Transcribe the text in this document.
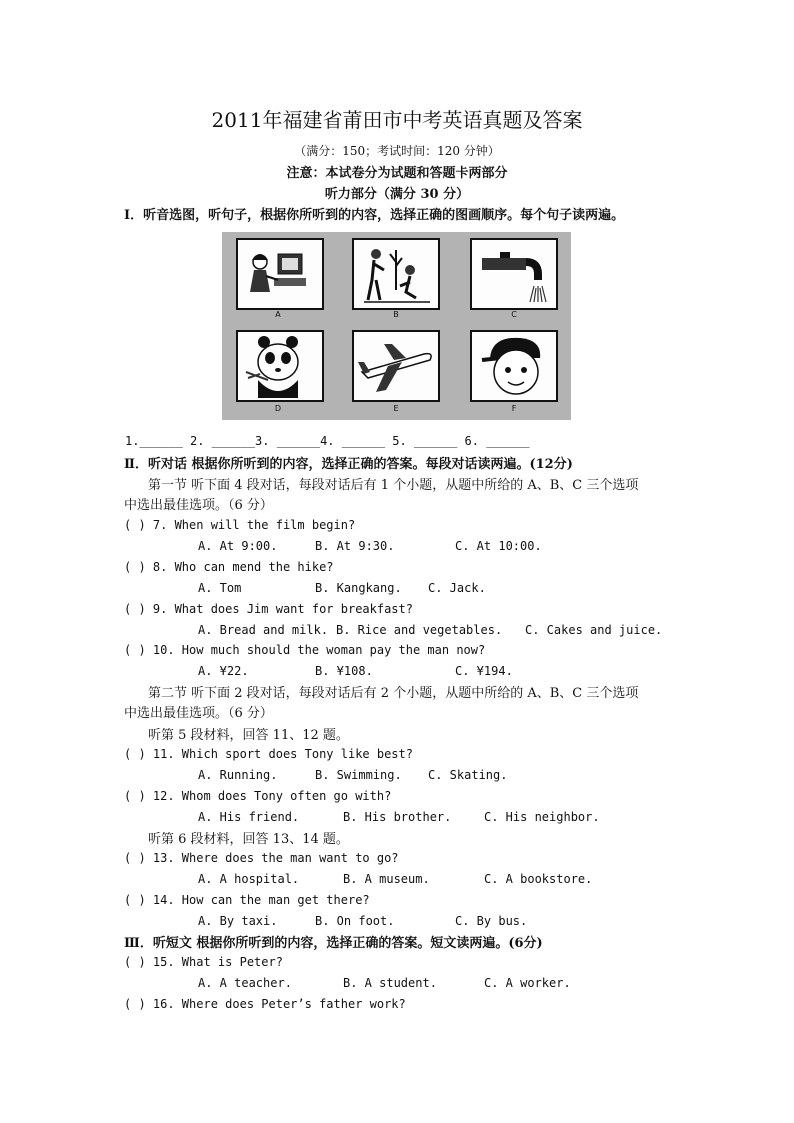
2011年福建省莆田市中考英语真题及答案
（满分：150；考试时间：120 分钟）
注意：本试卷分为试题和答题卡两部分
听力部分（满分 30 分）
Ⅰ．听音选图，听句子，根据你所听到的内容，选择正确的图画顺序。每个句子读两遍。
A	B	C
D	E	F
1.______ 2. ______3. ______4. ______ 5. ______ 6. ______
Ⅱ．听对话 根据你所听到的内容，选择正确的答案。每段对话读两遍。(12分)
第一节 听下面 4 段对话，每段对话后有 1 个小题，从题中所给的 A、B、C 三个选项
中选出最佳选项。（6 分）
( ) 7. When will the film begin?
A. At 9:00.	B. At 9:30.	C. At 10:00.
( ) 8. Who can mend the hike?
A. Tom	B. Kangkang. C. Jack.
( ) 9. What does Jim want for breakfast?
A. Bread and milk. B. Rice and vegetables. C. Cakes and juice.
( ) 10. How much should the woman pay the man now?
A. ¥22.	B. ¥108.	C. ¥194.
第二节 听下面 2 段对话，每段对话后有 2 个小题，从题中所给的 A、B、C 三个选项
中选出最佳选项。（6 分）
听第 5 段材料，回答 11、12 题。
( ) 11. Which sport does Tony like best?
A. Running.	B. Swimming. C. Skating.
( ) 12. Whom does Tony often go with?
A. His friend.	B. His brother.	C. His neighbor.
听第 6 段材料，回答 13、14 题。
( ) 13. Where does the man want to go?
A. A hospital.	B. A museum.	C. A bookstore.
( ) 14. How can the man get there?
A. By taxi.	B. On foot.	C. By bus.
Ⅲ．听短文 根据你所听到的内容，选择正确的答案。短文读两遍。(6分)
( ) 15. What is Peter?
A. A teacher.	B. A student.	C. A worker.
( ) 16. Where does Peter’s father work?
